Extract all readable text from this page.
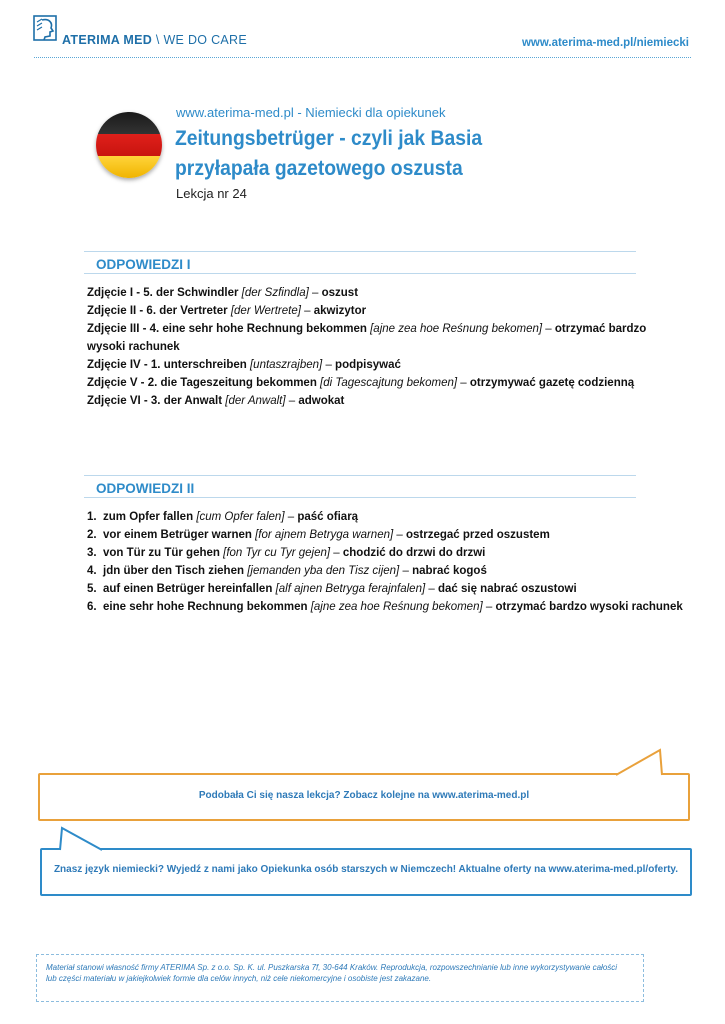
ATERIMA MED \ WE DO CARE	www.aterima-med.pl/niemiecki
www.aterima-med.pl - Niemiecki dla opiekunek
Zeitungsbetrüger - czyli jak Basia przyłapała gazetowego oszusta
Lekcja nr 24
ODPOWIEDZI I
Zdjęcie I - 5. der Schwindler [der Szfindla] – oszust
Zdjęcie II - 6. der Vertreter [der Wertrete] – akwizytor
Zdjęcie III - 4. eine sehr hohe Rechnung bekommen [ajne zea hoe Reśnung bekomen] – otrzymać bardzo wysoki rachunek
Zdjęcie IV - 1. unterschreiben [untaszrajben] – podpisywać
Zdjęcie V - 2. die Tageszeitung bekommen [di Tagescajtung bekomen] – otrzymywać gazetę codzienną
Zdjęcie VI - 3. der Anwalt [der Anwalt] – adwokat
ODPOWIEDZI II
1. zum Opfer fallen [cum Opfer falen] – paść ofiarą
2. vor einem Betrüger warnen [for ajnem Betryga warnen] – ostrzegać przed oszustem
3. von Tür zu Tür gehen [fon Tyr cu Tyr gejen] – chodzić do drzwi do drzwi
4. jdn über den Tisch ziehen [jemanden yba den Tisz cijen] – nabrać kogoś
5. auf einen Betrüger hereinfallen [alf ajnen Betryga ferajnfalen] – dać się nabrać oszustowi
6. eine sehr hohe Rechnung bekommen [ajne zea hoe Reśnung bekomen] – otrzymać bardzo wysoki rachunek
Podobała Ci się nasza lekcja? Zobacz kolejne na www.aterima-med.pl
Znasz język niemiecki? Wyjedź z nami jako Opiekunka osób starszych w Niemczech! Aktualne oferty na www.aterima-med.pl/oferty.
Materiał stanowi własność firmy ATERIMA Sp. z o.o. Sp. K. ul. Puszkarska 7f, 30-644 Kraków. Reprodukcja, rozpowszechnianie lub inne wykorzystywanie całości lub części materiału w jakiejkolwiek formie dla celów innych, niż cele niekomercyjne i osobiste jest zakazane.
